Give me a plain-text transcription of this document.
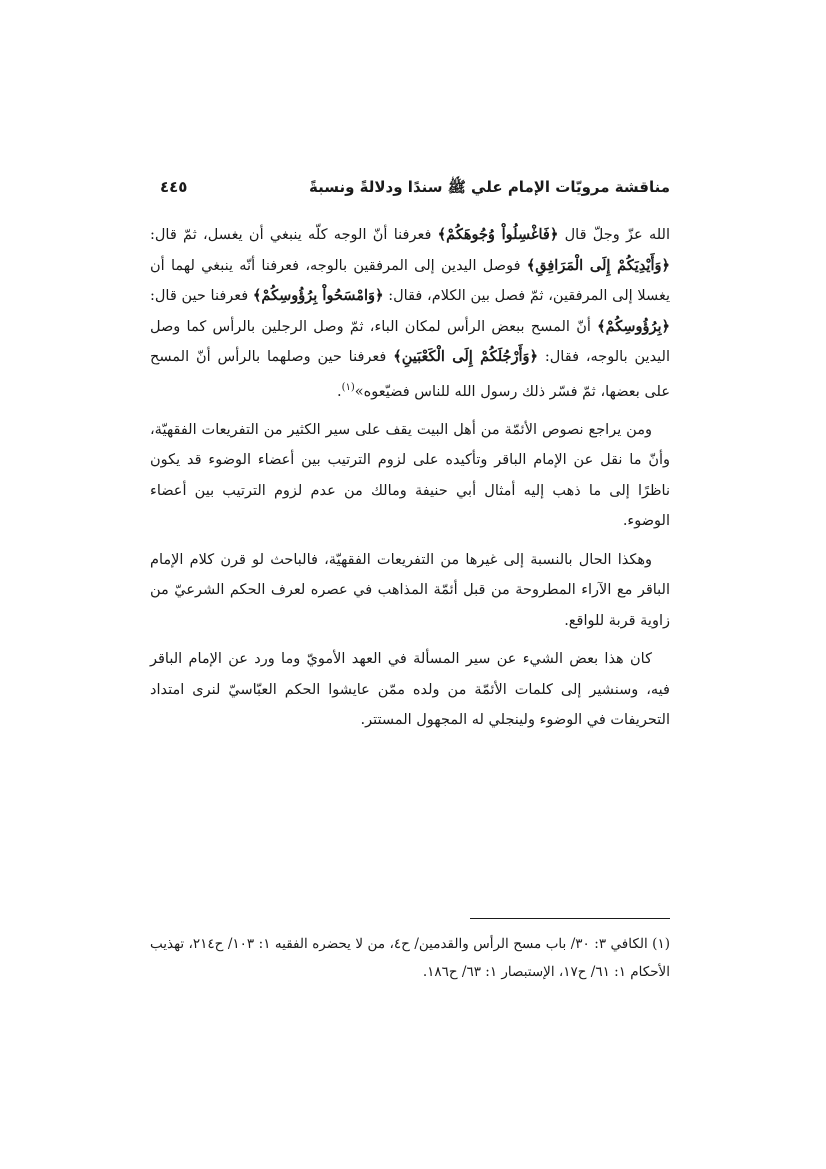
مناقشة مرويّات الإمام علي ﷺ سندًا ودلالةً ونسبةً
٤٤٥

الله عزّ وجلّ قال ﴿فَاغْسِلُواْ وُجُوهَكُمْ﴾ فعرفنا أنّ الوجه كلّه ينبغي أن يغسل، ثمّ قال: ﴿وَأَيْدِيَكُمْ إِلَى الْمَرَافِقِ﴾ فوصل اليدين إلى المرفقين بالوجه، فعرفنا أنّه ينبغي لهما أن يغسلا إلى المرفقين، ثمّ فصل بين الكلام، فقال: ﴿وَامْسَحُواْ بِرُؤُوسِكُمْ﴾ فعرفنا حين قال: ﴿بِرُؤُوسِكُمْ﴾ أنّ المسح ببعض الرأس لمكان الباء، ثمّ وصل الرجلين بالرأس كما وصل اليدين بالوجه، فقال: ﴿وَأَرْجُلَكُمْ إِلَى الْكَعْبَينِ﴾ فعرفنا حين وصلهما بالرأس أنّ المسح على بعضها، ثمّ فسّر ذلك رسول الله للناس فضيّعوه»$^{(١)}$.

ومن يراجع نصوص الأئمّة من أهل البيت يقف على سير الكثير من التفريعات الفقهيّة، وأنّ ما نقل عن الإمام الباقر وتأكيده على لزوم الترتيب بين أعضاء الوضوء قد يكون ناظرًا إلى ما ذهب إليه أمثال أبي حنيفة ومالك من عدم لزوم الترتيب بين أعضاء الوضوء.

وهكذا الحال بالنسبة إلى غيرها من التفريعات الفقهيّة، فالباحث لو قرن كلام الإمام الباقر مع الآراء المطروحة من قبل أئمّة المذاهب في عصره لعرف الحكم الشرعيّ من زاوية قربة للواقع.

كان هذا بعض الشيء عن سير المسألة في العهد الأمويّ وما ورد عن الإمام الباقر فيه، وسنشير إلى كلمات الأئمّة من ولده ممّن عايشوا الحكم العبّاسيّ لنرى امتداد التحريفات في الوضوء ولينجلي له المجهول المستتر.

(١) الكافي ٣: ٣٠/ باب مسح الرأس والقدمين/ ح٤، من لا يحضره الفقيه ١: ١٠٣/ ح٢١٤، تهذيب الأحكام ١: ٦١/ ح١٧، الإستبصار ١: ٦٣/ ح١٨٦.
